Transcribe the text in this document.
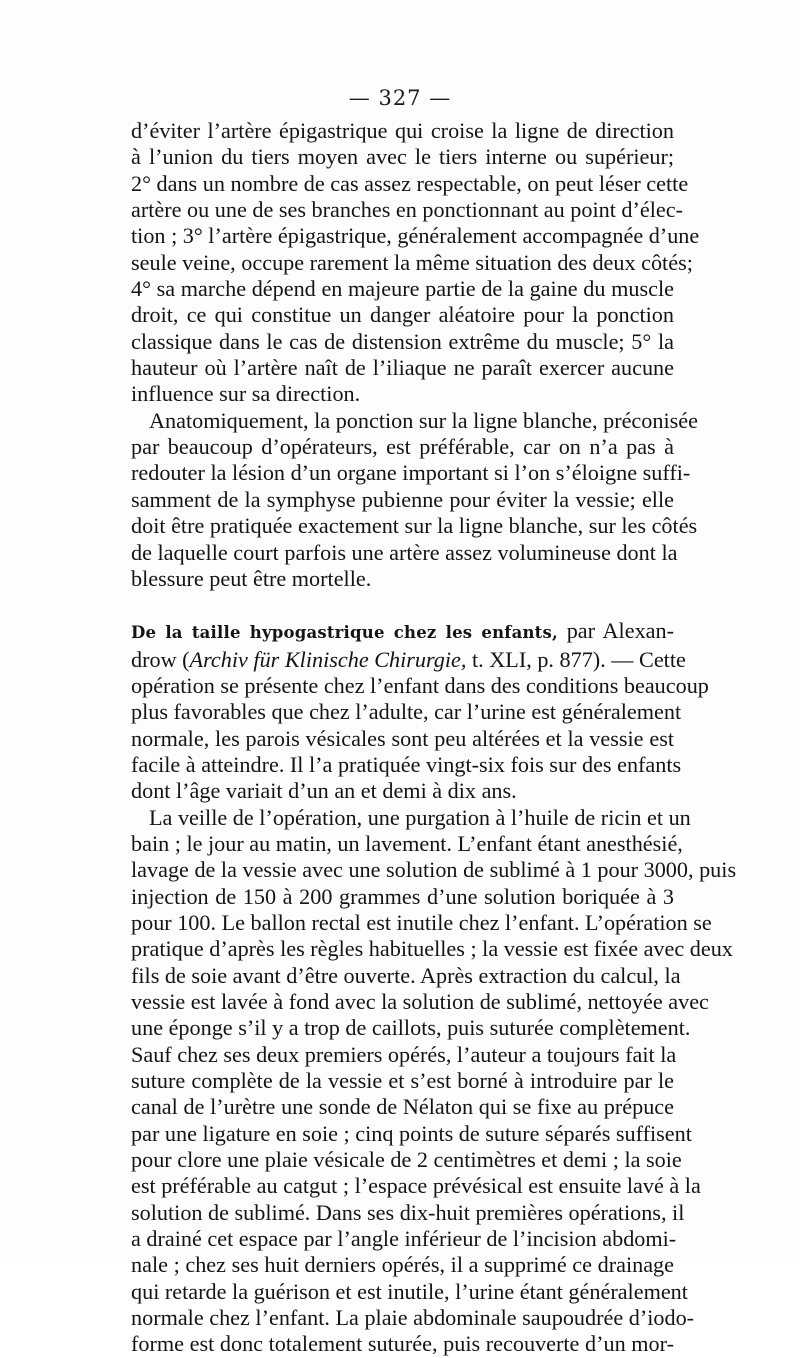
— 327 —
d’éviter l’artère épigastrique qui croise la ligne de direction
à l’union du tiers moyen avec le tiers interne ou supérieur;
2° dans un nombre de cas assez respectable, on peut léser cette
artère ou une de ses branches en ponctionnant au point d’élec-
tion ; 3° l’artère épigastrique, généralement accompagnée d’une
seule veine, occupe rarement la même situation des deux côtés;
4° sa marche dépend en majeure partie de la gaine du muscle
droit, ce qui constitue un danger aléatoire pour la ponction
classique dans le cas de distension extrême du muscle; 5° la
hauteur où l’artère naît de l’iliaque ne paraît exercer aucune
influence sur sa direction.
Anatomiquement, la ponction sur la ligne blanche, préconisée
par beaucoup d’opérateurs, est préférable, car on n’a pas à
redouter la lésion d’un organe important si l’on s’éloigne suffi-
samment de la symphyse pubienne pour éviter la vessie; elle
doit être pratiquée exactement sur la ligne blanche, sur les côtés
de laquelle court parfois une artère assez volumineuse dont la
blessure peut être mortelle.
De la taille hypogastrique chez les enfants, par Alexan-
drow (Archiv für Klinische Chirurgie, t. XLI, p. 877). — Cette
opération se présente chez l’enfant dans des conditions beaucoup
plus favorables que chez l’adulte, car l’urine est généralement
normale, les parois vésicales sont peu altérées et la vessie est
facile à atteindre. Il l’a pratiquée vingt-six fois sur des enfants
dont l’âge variait d’un an et demi à dix ans.
La veille de l’opération, une purgation à l’huile de ricin et un
bain ; le jour au matin, un lavement. L’enfant étant anesthésié,
lavage de la vessie avec une solution de sublimé à 1 pour 3000, puis
injection de 150 à 200 grammes d’une solution boriquée à 3
pour 100. Le ballon rectal est inutile chez l’enfant. L’opération se
pratique d’après les règles habituelles ; la vessie est fixée avec deux
fils de soie avant d’être ouverte. Après extraction du calcul, la
vessie est lavée à fond avec la solution de sublimé, nettoyée avec
une éponge s’il y a trop de caillots, puis suturée complètement.
Sauf chez ses deux premiers opérés, l’auteur a toujours fait la
suture complète de la vessie et s’est borné à introduire par le
canal de l’urètre une sonde de Nélaton qui se fixe au prépuce
par une ligature en soie ; cinq points de suture séparés suffisent
pour clore une plaie vésicale de 2 centimètres et demi ; la soie
est préférable au catgut ; l’espace prévésical est ensuite lavé à la
solution de sublimé. Dans ses dix-huit premières opérations, il
a drainé cet espace par l’angle inférieur de l’incision abdomi-
nale ; chez ses huit derniers opérés, il a supprimé ce drainage
qui retarde la guérison et est inutile, l’urine étant généralement
normale chez l’enfant. La plaie abdominale saupoudrée d’iodo-
forme est donc totalement suturée, puis recouverte d’un mor-
